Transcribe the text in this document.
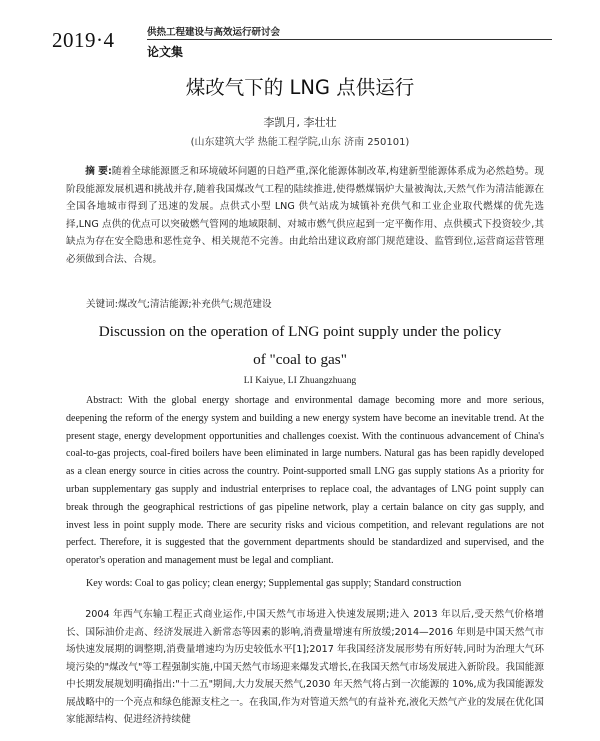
2019·4	供热工程建设与高效运行研讨会
论文集
煤改气下的 LNG 点供运行
李凯月, 李壮壮
(山东建筑大学 热能工程学院,山东 济南 250101)
摘 要:随着全球能源匮乏和环境破坏问题的日趋严重,深化能源体制改革,构建新型能源体系成为必然趋势。现阶段能源发展机遇和挑战并存,随着我国煤改气工程的陆续推进,使得燃煤锅炉大量被淘汰,天然气作为清洁能源在全国各地城市得到了迅速的发展。点供式小型 LNG 供气站成为城镇补充供气和工业企业取代燃煤的优先选择,LNG 点供的优点可以突破燃气管网的地域限制、对城市燃气供应起到一定平衡作用、点供模式下投资较少,其缺点为存在安全隐患和恶性竞争、相关规范不完善。由此给出建议政府部门规范建设、监管到位,运营商运营管理必须做到合法、合规。
关键词:煤改气;清洁能源;补充供气;规范建设
Discussion on the operation of LNG point supply under the policy
of "coal to gas"
LI Kaiyue, LI Zhuangzhuang
Abstract: With the global energy shortage and environmental damage becoming more and more serious, deepening the reform of the energy system and building a new energy system have become an inevitable trend. At the present stage, energy development opportunities and challenges coexist. With the continuous advancement of China's coal-to-gas projects, coal-fired boilers have been eliminated in large numbers. Natural gas has been rapidly developed as a clean energy source in cities across the country. Point-supported small LNG gas supply stations As a priority for urban supplementary gas supply and industrial enterprises to replace coal, the advantages of LNG point supply can break through the geographical restrictions of gas pipeline network, play a certain balance on city gas supply, and invest less in point supply mode. There are security risks and vicious competition, and relevant regulations are not perfect. Therefore, it is suggested that the government departments should be standardized and supervised, and the operator's operation and management must be legal and compliant.
Key words: Coal to gas policy; clean energy; Supplemental gas supply; Standard construction
2004 年西气东输工程正式商业运作,中国天然气市场进入快速发展期;进入 2013 年以后,受天然气价格增长、国际油价走高、经济发展进入新常态等因素的影响,消费量增速有所放缓;2014—2016 年则是中国天然气市场快速发展期的调整期,消费量增速均为历史较低水平[1];2017 年我国经济发展形势有所好转,同时为治理大气环境污染的"煤改气"等工程强制实施,中国天然气市场迎来爆发式增长,在我国天然气市场发展进入新阶段。我国能源中长期发展规划明确指出:"十二五"期间,大力发展天然气,2030 年天然气将占到一次能源的 10%,成为我国能源发展战略中的一个亮点和绿色能源支柱之一。在我国,作为对管道天然气的有益补充,液化天然气产业的发展在优化国家能源结构、促进经济持续健
